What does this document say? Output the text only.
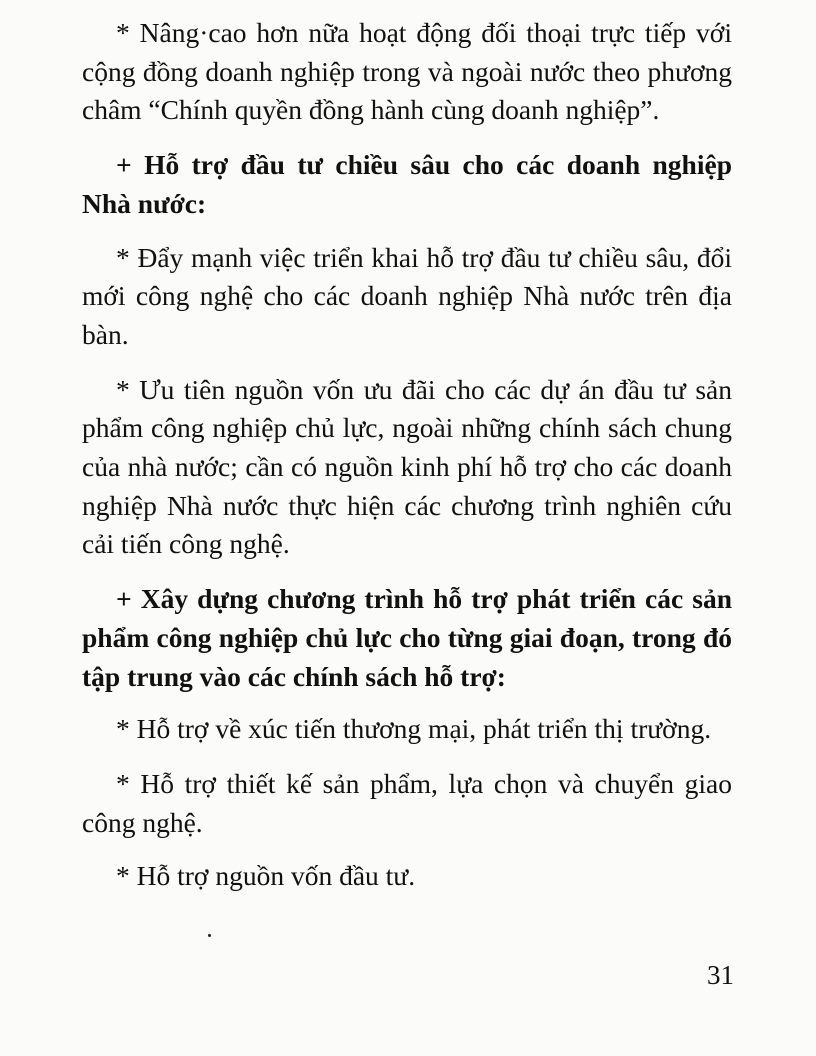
* Nâng·cao hơn nữa hoạt động đối thoại trực tiếp với cộng đồng doanh nghiệp trong và ngoài nước theo phương châm “Chính quyền đồng hành cùng doanh nghiệp”.

+ Hỗ trợ đầu tư chiều sâu cho các doanh nghiệp Nhà nước:

* Đẩy mạnh việc triển khai hỗ trợ đầu tư chiều sâu, đổi mới công nghệ cho các doanh nghiệp Nhà nước trên địa bàn.

* Ưu tiên nguồn vốn ưu đãi cho các dự án đầu tư sản phẩm công nghiệp chủ lực, ngoài những chính sách chung của nhà nước; cần có nguồn kinh phí hỗ trợ cho các doanh nghiệp Nhà nước thực hiện các chương trình nghiên cứu cải tiến công nghệ.

+ Xây dựng chương trình hỗ trợ phát triển các sản phẩm công nghiệp chủ lực cho từng giai đoạn, trong đó tập trung vào các chính sách hỗ trợ:

* Hỗ trợ về xúc tiến thương mại, phát triển thị trường.

* Hỗ trợ thiết kế sản phẩm, lựa chọn và chuyển giao công nghệ.

* Hỗ trợ nguồn vốn đầu tư.

31
